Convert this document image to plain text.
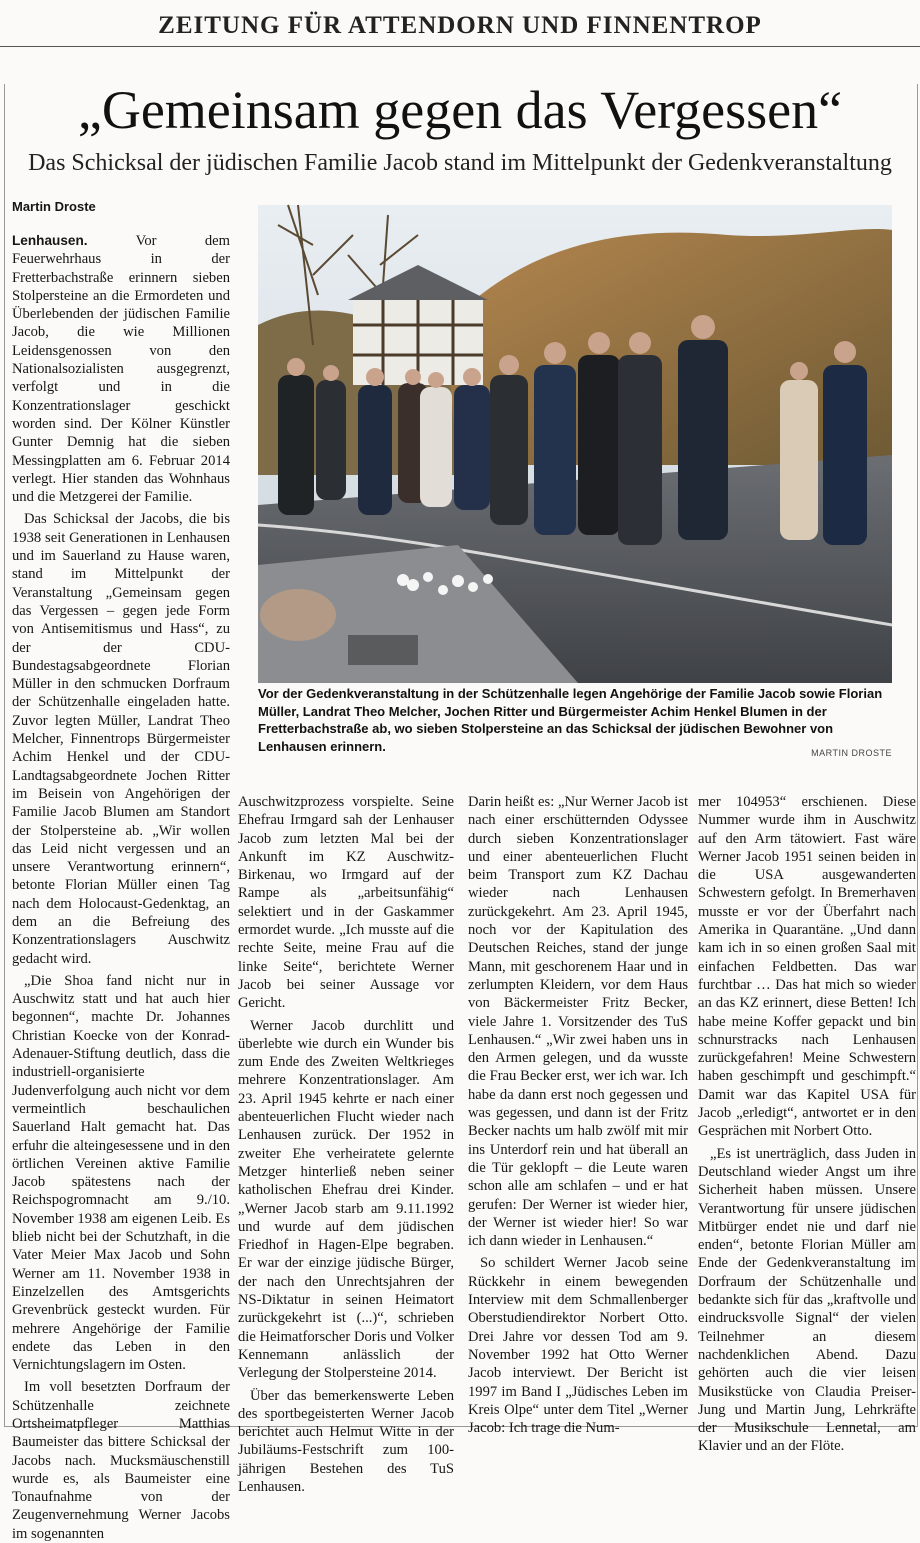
ZEITUNG FÜR ATTENDORN UND FINNENTROP
„Gemeinsam gegen das Vergessen“
Das Schicksal der jüdischen Familie Jacob stand im Mittelpunkt der Gedenkveranstaltung
Martin Droste

Lenhausen.	Vor dem Feuerwehrhaus in der Fretterbachstraße erinnern sieben Stolpersteine an die Ermordeten und Überlebenden der jüdischen Familie Jacob, die wie Millionen Leidensgenossen von den Nationalsozialisten ausgegrenzt, verfolgt und in die Konzentrationslager geschickt worden sind. Der Kölner Künstler Gunter Demnig hat die sieben Messingplatten am 6. Februar 2014 verlegt. Hier standen das Wohnhaus und die Metzgerei der Familie.

Das Schicksal der Jacobs, die bis 1938 seit Generationen in Lenhausen und im Sauerland zu Hause waren, stand im Mittelpunkt der Veranstaltung „Gemeinsam gegen das Vergessen – gegen jede Form von Antisemitismus und Hass“, zu der der CDU-Bundestagsabgeordnete Florian Müller in den schmucken Dorfraum der Schützenhalle eingeladen hatte. Zuvor legten Müller, Landrat Theo Melcher, Finnentrops Bürgermeister Achim Henkel und der CDU-Landtagsabgeordnete Jochen Ritter im Beisein von Angehörigen der Familie Jacob Blumen am Standort der Stolpersteine ab. „Wir wollen das Leid nicht vergessen und an unsere Verantwortung erinnern“, betonte Florian Müller einen Tag nach dem Holocaust-Gedenktag, an dem an die Befreiung des Konzentrationslagers Auschwitz gedacht wird.

„Die Shoa fand nicht nur in Auschwitz statt und hat auch hier begonnen“, machte Dr. Johannes Christian Koecke von der Konrad-Adenauer-Stiftung deutlich, dass die industriell-organisierte Judenverfolgung auch nicht vor dem vermeintlich beschaulichen Sauerland Halt gemacht hat. Das erfuhr die alteingesessene und in den örtlichen Vereinen aktive Familie Jacob spätestens nach der Reichspogromnacht am 9./10. November 1938 am eigenen Leib. Es blieb nicht bei der Schutzhaft, in die Vater Meier Max Jacob und Sohn Werner am 11. November 1938 in Einzelzellen des Amtsgerichts Grevenbrück gesteckt wurden. Für mehrere Angehörige der Familie endete das Leben in den Vernichtungslagern im Osten.

Im voll besetzten Dorfraum der Schützenhalle zeichnete Ortsheimatpfleger Matthias Baumeister das bittere Schicksal der Jacobs nach. Mucksmäuschenstill wurde es, als Baumeister eine Tonaufnahme von der Zeugenvernehmung Werner Jacobs im sogenannten

Vor der Gedenkveranstaltung in der Schützenhalle legen Angehörige der Familie Jacob sowie Florian Müller, Landrat Theo Melcher, Jochen Ritter und Bürgermeister Achim Henkel Blumen in der Fretterbachstraße ab, wo sieben Stolpersteine an das Schicksal der jüdischen Bewohner von Lenhausen erinnern.	MARTIN DROSTE

Auschwitzprozess vorspielte. Seine Ehefrau Irmgard sah der Lenhauser Jacob zum letzten Mal bei der Ankunft im KZ Auschwitz-Birkenau, wo Irmgard auf der Rampe als „arbeitsunfähig“ selektiert und in der Gaskammer ermordet wurde. „Ich musste auf die rechte Seite, meine Frau auf die linke Seite“, berichtete Werner Jacob bei seiner Aussage vor Gericht.

Werner Jacob durchlitt und überlebte wie durch ein Wunder bis zum Ende des Zweiten Weltkrieges mehrere Konzentrationslager. Am 23. April 1945 kehrte er nach einer abenteuerlichen Flucht wieder nach Lenhausen zurück. Der 1952 in zweiter Ehe verheiratete gelernte Metzger hinterließ neben seiner katholischen Ehefrau drei Kinder. „Werner Jacob starb am 9.11.1992 und wurde auf dem jüdischen Friedhof in Hagen-Elpe begraben. Er war der einzige jüdische Bürger, der nach den Unrechtsjahren der NS-Diktatur in seinen Heimatort zurückgekehrt ist (...)“, schrieben die Heimatforscher Doris und Volker Kennemann anlässlich der Verlegung der Stolpersteine 2014.

Über das bemerkenswerte Leben des sportbegeisterten Werner Jacob berichtet auch Helmut Witte in der Jubiläums-Festschrift zum 100-jährigen Bestehen des TuS Lenhausen.

Darin heißt es: „Nur Werner Jacob ist nach einer erschütternden Odyssee durch sieben Konzentrationslager und einer abenteuerlichen Flucht beim Transport zum KZ Dachau wieder nach Lenhausen zurückgekehrt. Am 23. April 1945, noch vor der Kapitulation des Deutschen Reiches, stand der junge Mann, mit geschorenem Haar und in zerlumpten Kleidern, vor dem Haus von Bäckermeister Fritz Becker, viele Jahre 1. Vorsitzender des TuS Lenhausen.“ „Wir zwei haben uns in den Armen gelegen, und da wusste die Frau Becker erst, wer ich war. Ich habe da dann erst noch gegessen und was gegessen, und dann ist der Fritz Becker nachts um halb zwölf mit mir ins Unterdorf rein und hat überall an die Tür geklopft – die Leute waren schon alle am schlafen – und er hat gerufen: Der Werner ist wieder hier, der Werner ist wieder hier! So war ich dann wieder in Lenhausen.“

So schildert Werner Jacob seine Rückkehr in einem bewegenden Interview mit dem Schmallenberger Oberstudiendirektor Norbert Otto. Drei Jahre vor dessen Tod am 9. November 1992 hat Otto Werner Jacob interviewt. Der Bericht ist 1997 im Band I „Jüdisches Leben im Kreis Olpe“ unter dem Titel „Werner Jacob: Ich trage die Num-

mer 104953“ erschienen. Diese Nummer wurde ihm in Auschwitz auf den Arm tätowiert. Fast wäre Werner Jacob 1951 seinen beiden in die USA ausgewanderten Schwestern gefolgt. In Bremerhaven musste er vor der Überfahrt nach Amerika in Quarantäne. „Und dann kam ich in so einen großen Saal mit einfachen Feldbetten. Das war furchtbar … Das hat mich so wieder an das KZ erinnert, diese Betten! Ich habe meine Koffer gepackt und bin schnurstracks nach Lenhausen zurückgefahren! Meine Schwestern haben geschimpft und geschimpft.“ Damit war das Kapitel USA für Jacob „erledigt“, antwortet er in den Gesprächen mit Norbert Otto.

„Es ist unerträglich, dass Juden in Deutschland wieder Angst um ihre Sicherheit haben müssen. Unsere Verantwortung für unsere jüdischen Mitbürger endet nie und darf nie enden“, betonte Florian Müller am Ende der Gedenkveranstaltung im Dorfraum der Schützenhalle und bedankte sich für das „kraftvolle und eindrucksvolle Signal“ der vielen Teilnehmer an diesem nachdenklichen Abend. Dazu gehörten auch die vier leisen Musikstücke von Claudia Preiser-Jung und Martin Jung, Lehrkräfte der Musikschule Lennetal, am Klavier und an der Flöte.
